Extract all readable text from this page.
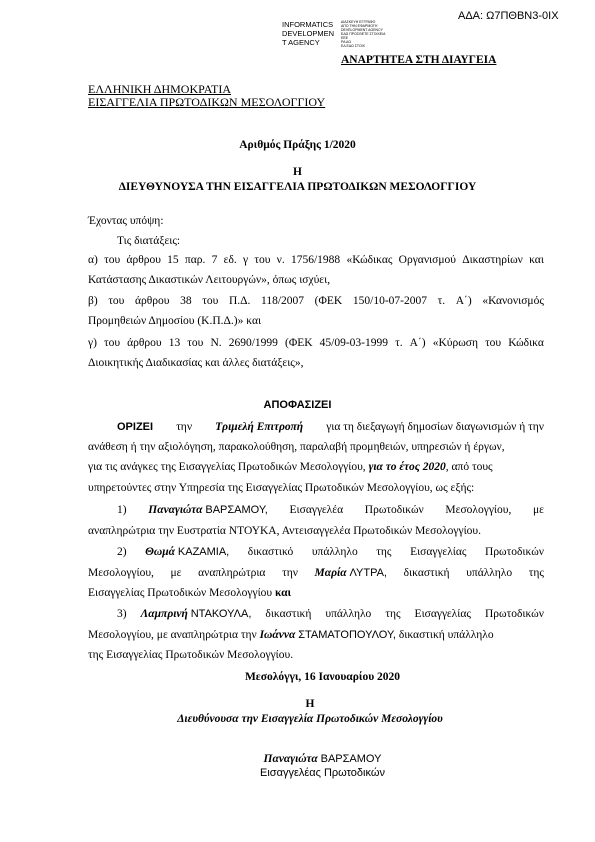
ΑΔΑ: Ω7ΠΘΒΝ3-0ΙΧ
INFORMATICS
DEVELOPMEN
T AGENCY
ΔΙΑΣΚΕΥΗ ΕΓΓΡΑΦΟ
ΑΠΟ ΤΗΝ ΕΦΑΡΜΟΓΗ
DEVELOPMENT AGENCY
ΕΔΩ ΠΡΟΣΘΕΤΕ ΣΤΟΙΧΕΙΑ
ΕΕΕ
ΡΑ ΔΩ
ΕΔ ΕΔΩ ΣΤΟΙΧ
ΑΝΑΡΤΗΤΕΑ ΣΤΗ ΔΙΑΥΓΕΙΑ
ΕΛΛΗΝΙΚΗ ΔΗΜΟΚΡΑΤΙΑ
ΕΙΣΑΓΓΕΛΙΑ ΠΡΩΤΟΔΙΚΩΝ ΜΕΣΟΛΟΓΓΙΟΥ
Αριθμός Πράξης 1/2020
Η
ΔΙΕΥΘΥΝΟΥΣΑ ΤΗΝ ΕΙΣΑΓΓΕΛΙΑ ΠΡΩΤΟΔΙΚΩΝ ΜΕΣΟΛΟΓΓΙΟΥ
Έχοντας υπόψη:
Τις διατάξεις:
α) του άρθρου 15 παρ. 7 εδ. γ του ν. 1756/1988 «Κώδικας Οργανισμού Δικαστηρίων και
Κατάστασης Δικαστικών Λειτουργών», όπως ισχύει,
β) του άρθρου 38 του Π.Δ. 118/2007 (ΦΕΚ 150/10-07-2007 τ. Α΄) «Κανονισμός
Προμηθειών Δημοσίου (Κ.Π.Δ.)» και
γ) του άρθρου 13 του Ν. 2690/1999 (ΦΕΚ 45/09-03-1999 τ. Α΄) «Κύρωση του Κώδικα
Διοικητικής Διαδικασίας και άλλες διατάξεις»,
ΑΠΟΦΑΣΙΖΕΙ
ΟΡΙΖΕΙ την Τριμελή Επιτροπή για τη διεξαγωγή δημοσίων διαγωνισμών ή την
ανάθεση ή την αξιολόγηση, παρακολούθηση, παραλαβή προμηθειών, υπηρεσιών ή έργων,
για τις ανάγκες της Εισαγγελίας Πρωτοδικών Μεσολογγίου, για το έτος 2020, από τους
υπηρετούντες στην Υπηρεσία της Εισαγγελίας Πρωτοδικών Μεσολογγίου, ως εξής:
1) Παναγιώτα ΒΑΡΣΑΜΟΥ, Εισαγγελέα Πρωτοδικών Μεσολογγίου, με
αναπληρώτρια την Ευστρατία ΝΤΟΥΚΑ, Αντεισαγγελέα Πρωτοδικών Μεσολογγίου.
2) Θωμά ΚΑΖΑΜΙΑ, δικαστικό υπάλληλο της Εισαγγελίας Πρωτοδικών
Μεσολογγίου, με αναπληρώτρια την Μαρία ΛΥΤΡΑ, δικαστική υπάλληλο της
Εισαγγελίας Πρωτοδικών Μεσολογγίου και
3) Λαμπρινή ΝΤΑΚΟΥΛΑ, δικαστική υπάλληλο της Εισαγγελίας Πρωτοδικών
Μεσολογγίου, με αναπληρώτρια την Ιωάννα ΣΤΑΜΑΤΟΠΟΥΛΟΥ, δικαστική υπάλληλο
της Εισαγγελίας Πρωτοδικών Μεσολογγίου.
Μεσολόγγι, 16 Ιανουαρίου 2020
Η
Διευθύνουσα την Εισαγγελία Πρωτοδικών Μεσολογγίου
Παναγιώτα ΒΑΡΣΑΜΟΥ
Εισαγγελέας Πρωτοδικών
